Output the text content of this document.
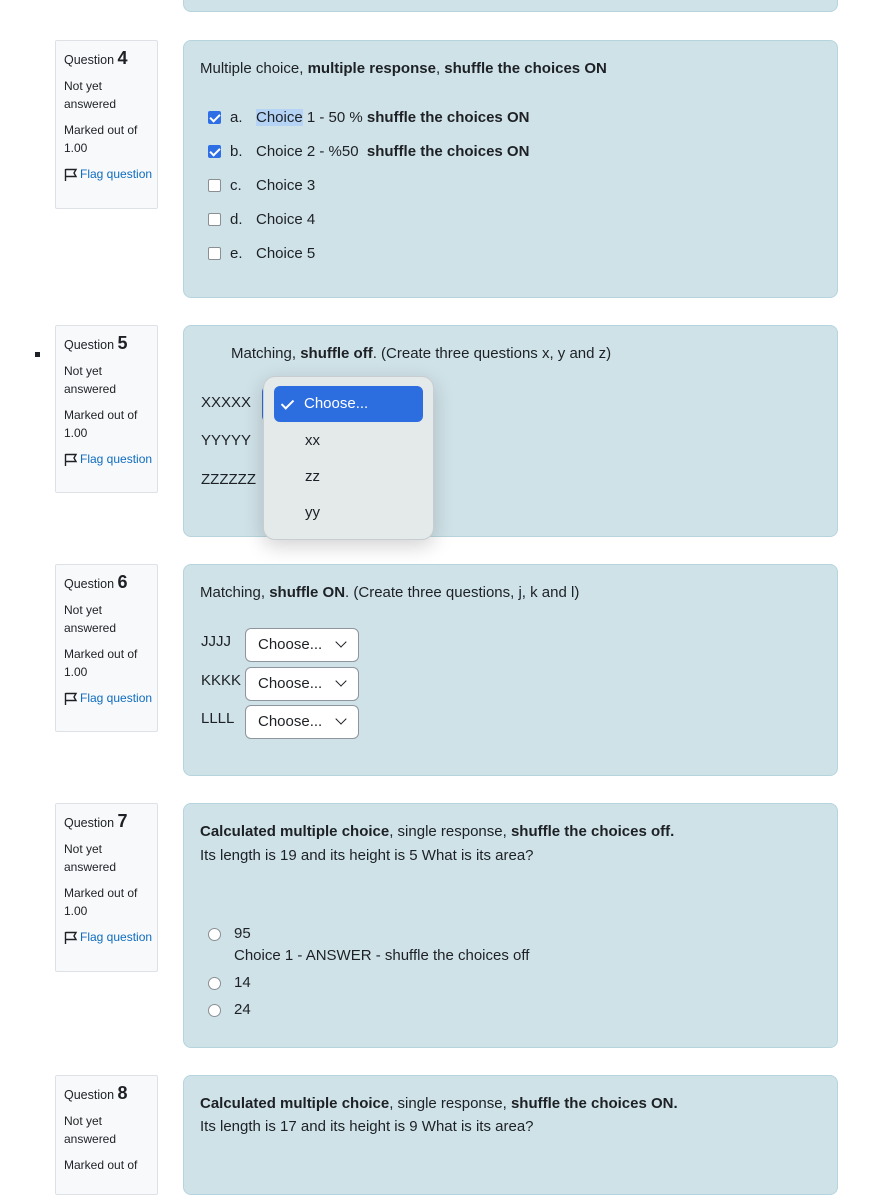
Question 4
Not yet answered
Marked out of 1.00
Flag question
Multiple choice, multiple response, shuffle the choices ON
a. Choice 1 - 50 % shuffle the choices ON
b. Choice 2 - %50  shuffle the choices ON
c. Choice 3
d. Choice 4
e. Choice 5
Question 5
Not yet answered
Marked out of 1.00
Flag question
Matching, shuffle off. (Create three questions x, y and z)
XXXXX
YYYYY
ZZZZZZ
Choose...
xx
zz
yy
Question 6
Not yet answered
Marked out of 1.00
Flag question
Matching, shuffle ON. (Create three questions, j, k and l)
JJJJ
KKKK
LLLL
Choose...
Choose...
Choose...
Question 7
Not yet answered
Marked out of 1.00
Flag question
Calculated multiple choice, single response, shuffle the choices off.
Its length is 19 and its height is 5 What is its area?
95
Choice 1 - ANSWER - shuffle the choices off
14
24
Question 8
Not yet answered
Marked out of
Calculated multiple choice, single response, shuffle the choices ON.
Its length is 17 and its height is 9 What is its area?
